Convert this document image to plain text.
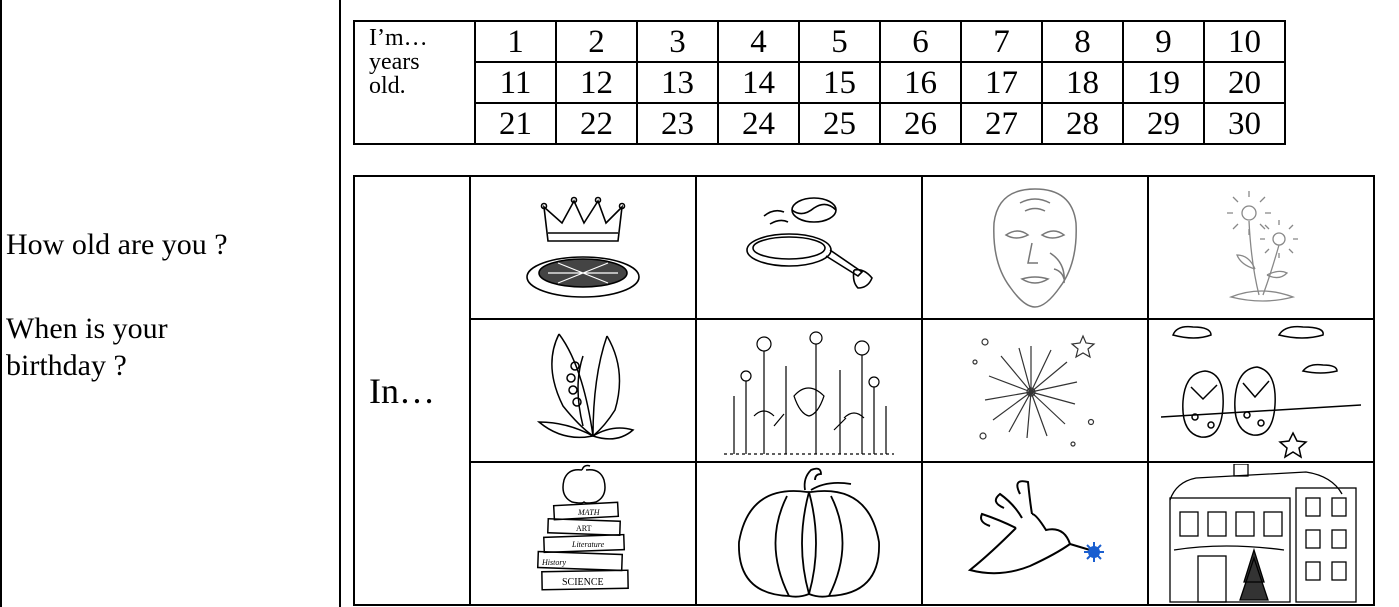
How old are you ?
When is your
birthday ?
I’m…
years
old.	1	2	3	4	5	6	7	8	9	10
	11	12	13	14	15	16	17	18	19	20
	21	22	23	24	25	26	27	28	29	30
In…	

MATH
ART
Literature
History
SCIENCE
